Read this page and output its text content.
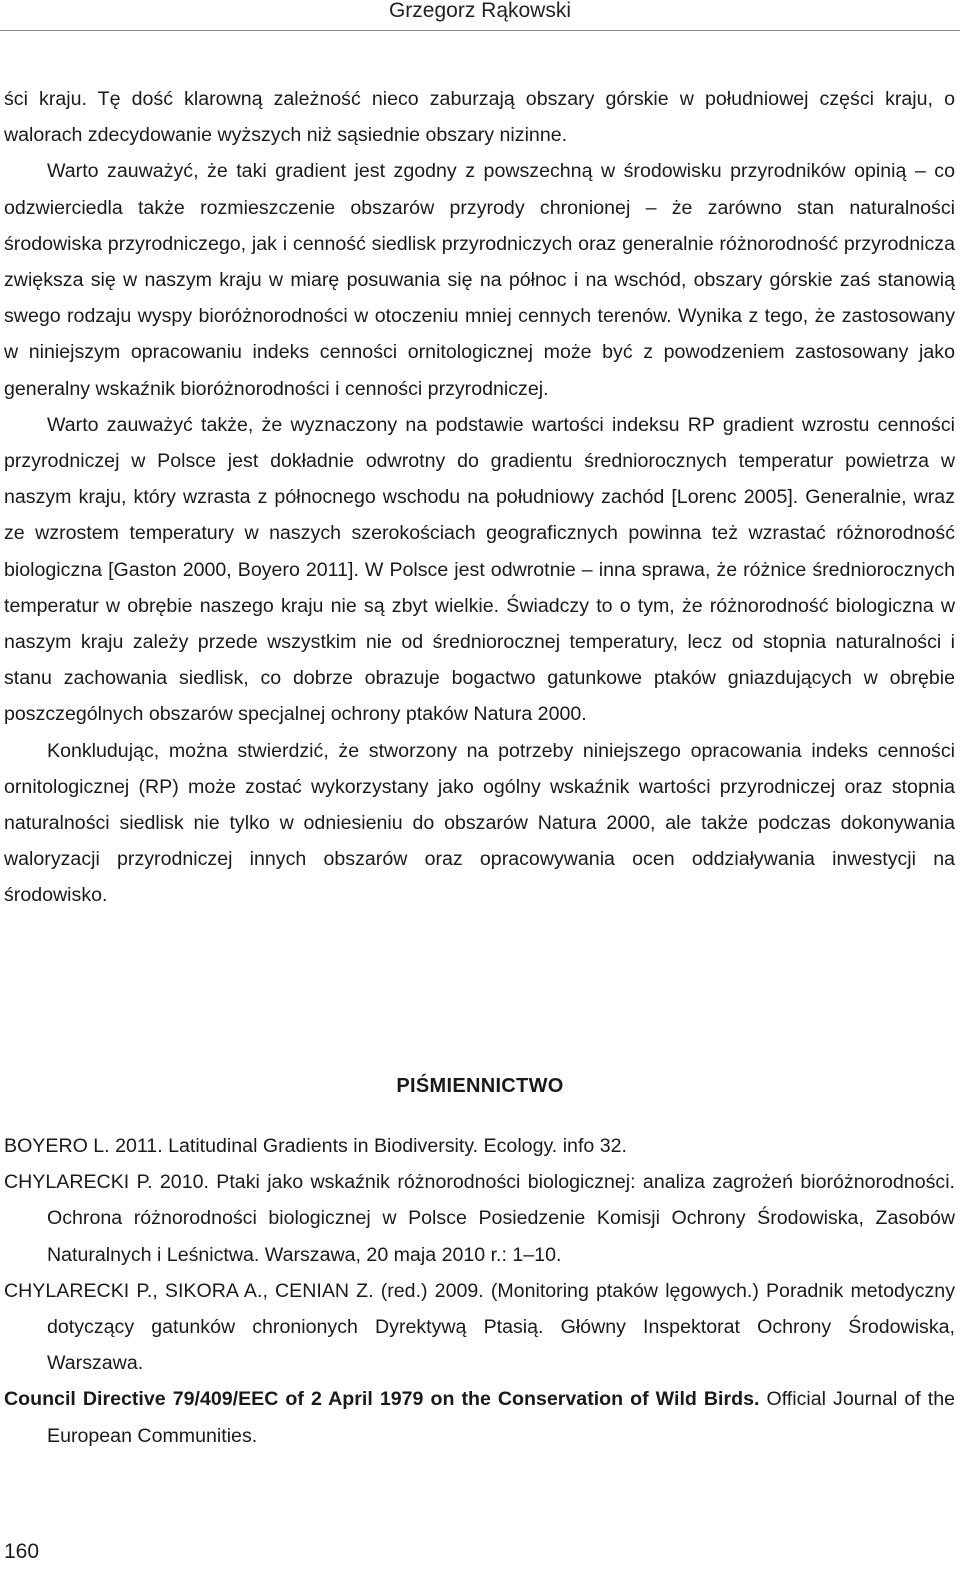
Grzegorz Rąkowski

ści kraju. Tę dość klarowną zależność nieco zaburzają obszary górskie w południowej części kraju, o walorach zdecydowanie wyższych niż sąsiednie obszary nizinne.

Warto zauważyć, że taki gradient jest zgodny z powszechną w środowisku przyrodników opinią – co odzwierciedla także rozmieszczenie obszarów przyrody chronionej – że zarówno stan naturalności środowiska przyrodniczego, jak i cenność siedlisk przyrodniczych oraz generalnie różnorodność przyrodnicza zwiększa się w naszym kraju w miarę posuwania się na północ i na wschód, obszary górskie zaś stanowią swego rodzaju wyspy bioróżnorodności w otoczeniu mniej cennych terenów. Wynika z tego, że zastosowany w niniejszym opracowaniu indeks cenności ornitologicznej może być z powodzeniem zastosowany jako generalny wskaźnik bioróżnorodności i cenności przyrodniczej.

Warto zauważyć także, że wyznaczony na podstawie wartości indeksu RP gradient wzrostu cenności przyrodniczej w Polsce jest dokładnie odwrotny do gradientu średniorocznych temperatur powietrza w naszym kraju, który wzrasta z północnego wschodu na południowy zachód [Lorenc 2005]. Generalnie, wraz ze wzrostem temperatury w naszych szerokościach geograficznych powinna też wzrastać różnorodność biologiczna [Gaston 2000, Boyero 2011]. W Polsce jest odwrotnie – inna sprawa, że różnice średniorocznych temperatur w obrębie naszego kraju nie są zbyt wielkie. Świadczy to o tym, że różnorodność biologiczna w naszym kraju zależy przede wszystkim nie od średniorocznej temperatury, lecz od stopnia naturalności i stanu zachowania siedlisk, co dobrze obrazuje bogactwo gatunkowe ptaków gniazdujących w obrębie poszczególnych obszarów specjalnej ochrony ptaków Natura 2000.

Konkludując, można stwierdzić, że stworzony na potrzeby niniejszego opracowania indeks cenności ornitologicznej (RP) może zostać wykorzystany jako ogólny wskaźnik wartości przyrodniczej oraz stopnia naturalności siedlisk nie tylko w odniesieniu do obszarów Natura 2000, ale także podczas dokonywania waloryzacji przyrodniczej innych obszarów oraz opracowywania ocen oddziaływania inwestycji na środowisko.

PIŚMIENNICTWO

BOYERO L. 2011. Latitudinal Gradients in Biodiversity. Ecology. info 32.

CHYLARECKI P. 2010. Ptaki jako wskaźnik różnorodności biologicznej: analiza zagrożeń bioróżnorodności. Ochrona różnorodności biologicznej w Polsce Posiedzenie Komisji Ochrony Środowiska, Zasobów Naturalnych i Leśnictwa. Warszawa, 20 maja 2010 r.: 1–10.

CHYLARECKI P., SIKORA A., CENIAN Z. (red.) 2009. (Monitoring ptaków lęgowych.) Poradnik metodyczny dotyczący gatunków chronionych Dyrektywą Ptasią. Główny Inspektorat Ochrony Środowiska, Warszawa.

Council Directive 79/409/EEC of 2 April 1979 on the Conservation of Wild Birds. Official Journal of the European Communities.

160
